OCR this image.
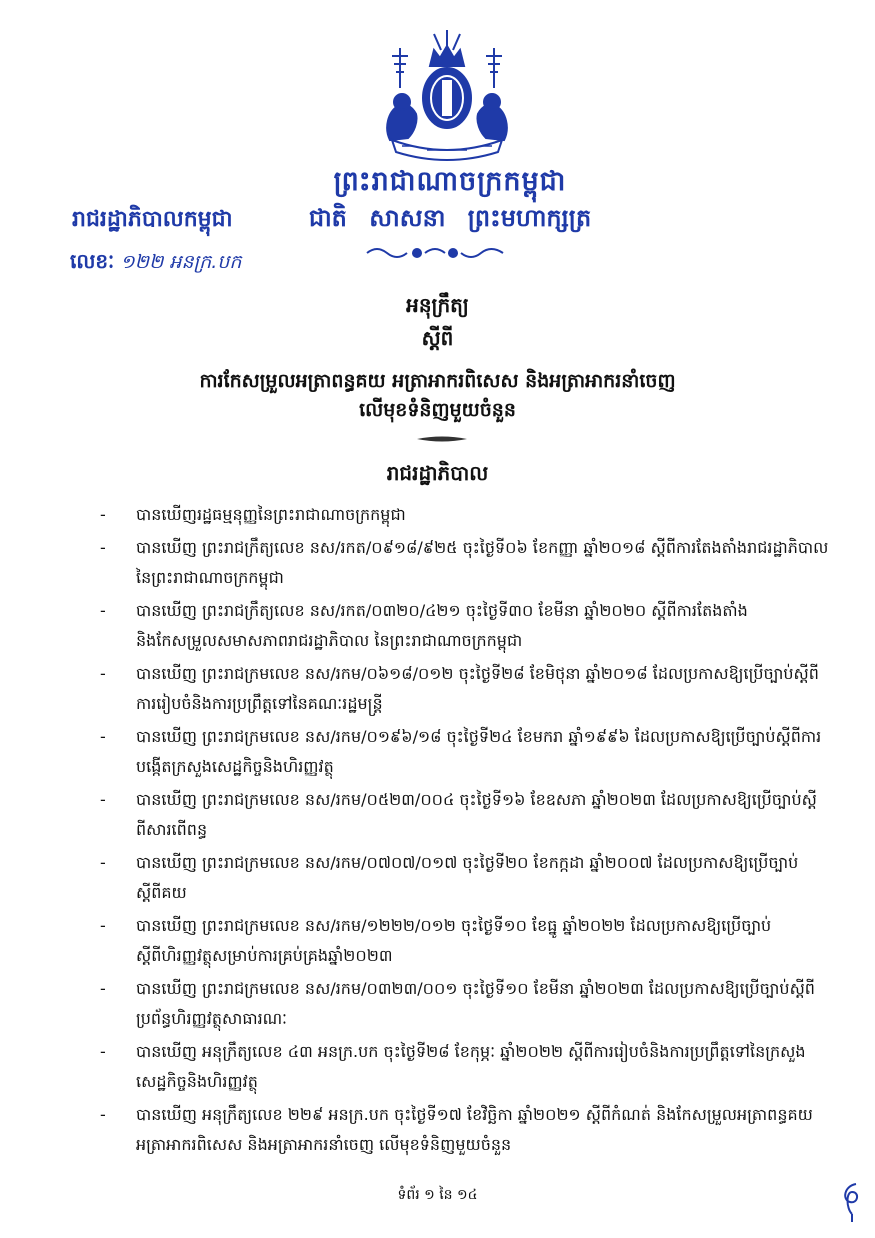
ព្រះរាជាណាចក្រកម្ពុជា
រាជរដ្ឋាភិបាលកម្ពុជា	ជាតិ សាសនា ព្រះមហាក្សត្រ
លេខៈ ១២២ អនក្រ.បក
អនុក្រឹត្យ
ស្តីពី
ការកែសម្រួលអត្រាពន្ធគយ អត្រាអាករពិសេស និងអត្រាអាករនាំចេញ
លើមុខទំនិញមួយចំនួន
រាជរដ្ឋាភិបាល
- បានឃើញរដ្ឋធម្មនុញ្ញនៃព្រះរាជាណាចក្រកម្ពុជា
- បានឃើញ ព្រះរាជក្រឹត្យលេខ នស/រកត/០៩១៨/៩២៥ ចុះថ្ងៃទី០៦ ខែកញ្ញា ឆ្នាំ២០១៨ ស្តីពីការតែងតាំងរាជរដ្ឋាភិបាល នៃព្រះរាជាណាចក្រកម្ពុជា
- បានឃើញ ព្រះរាជក្រឹត្យលេខ នស/រកត/០៣២០/៤២១ ចុះថ្ងៃទី៣០ ខែមីនា ឆ្នាំ២០២០ ស្តីពីការតែងតាំង និងកែសម្រួលសមាសភាពរាជរដ្ឋាភិបាល នៃព្រះរាជាណាចក្រកម្ពុជា
- បានឃើញ ព្រះរាជក្រមលេខ នស/រកម/០៦១៨/០១២ ចុះថ្ងៃទី២៨ ខែមិថុនា ឆ្នាំ២០១៨ ដែលប្រកាសឱ្យប្រើច្បាប់ស្តីពីការរៀបចំនិងការប្រព្រឹត្តទៅនៃគណៈរដ្ឋមន្ត្រី
- បានឃើញ ព្រះរាជក្រមលេខ នស/រកម/០១៩៦/១៨ ចុះថ្ងៃទី២៤ ខែមករា ឆ្នាំ១៩៩៦ ដែលប្រកាសឱ្យប្រើច្បាប់ស្តីពីការបង្កើតក្រសួងសេដ្ឋកិច្ចនិងហិរញ្ញវត្ថុ
- បានឃើញ ព្រះរាជក្រមលេខ នស/រកម/០៥២៣/០០៤ ចុះថ្ងៃទី១៦ ខែឧសភា ឆ្នាំ២០២៣ ដែលប្រកាសឱ្យប្រើច្បាប់ស្តីពីសារពើពន្ធ
- បានឃើញ ព្រះរាជក្រមលេខ នស/រកម/០៧០៧/០១៧ ចុះថ្ងៃទី២០ ខែកក្កដា ឆ្នាំ២០០៧ ដែលប្រកាសឱ្យប្រើច្បាប់ស្តីពីគយ
- បានឃើញ ព្រះរាជក្រមលេខ នស/រកម/១២២២/០១២ ចុះថ្ងៃទី១០ ខែធ្នូ ឆ្នាំ២០២២ ដែលប្រកាសឱ្យប្រើច្បាប់ស្តីពីហិរញ្ញវត្ថុសម្រាប់ការគ្រប់គ្រងឆ្នាំ២០២៣
- បានឃើញ ព្រះរាជក្រមលេខ នស/រកម/០៣២៣/០០១ ចុះថ្ងៃទី១០ ខែមីនា ឆ្នាំ២០២៣ ដែលប្រកាសឱ្យប្រើច្បាប់ស្តីពីប្រព័ន្ធហិរញ្ញវត្ថុសាធារណៈ
- បានឃើញ អនុក្រឹត្យលេខ ៤៣ អនក្រ.បក ចុះថ្ងៃទី២៨ ខែកុម្ភៈ ឆ្នាំ២០២២ ស្តីពីការរៀបចំនិងការប្រព្រឹត្តទៅនៃក្រសួងសេដ្ឋកិច្ចនិងហិរញ្ញវត្ថុ
- បានឃើញ អនុក្រឹត្យលេខ ២២៩ អនក្រ.បក ចុះថ្ងៃទី១៧ ខែវិច្ឆិកា ឆ្នាំ២០២១ ស្តីពីកំណត់ និងកែសម្រួលអត្រាពន្ធគយ អត្រាអាករពិសេស និងអត្រាអាករនាំចេញ លើមុខទំនិញមួយចំនួន
ទំព័រ ១ នៃ ១៤
